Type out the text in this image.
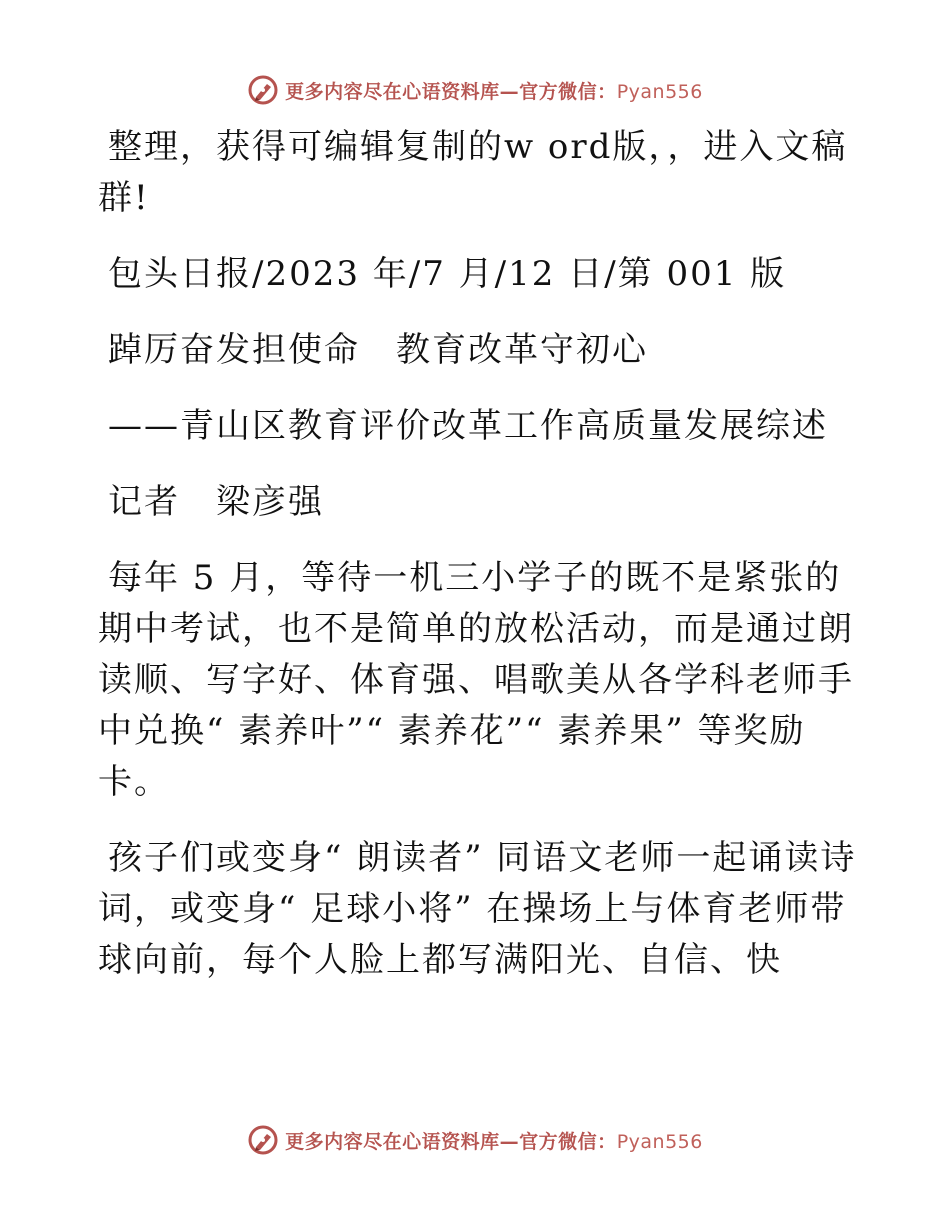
更多内容尽在心语资料库—官方微信：Pyan556

整理，获得可编辑复制的w ord版，，进入文稿群!

包头日报/2023 年/7 月/12 日/第 001 版

踔厉奋发担使命　教育改革守初心

——青山区教育评价改革工作高质量发展综述

记者　梁彦强

每年 5 月，等待一机三小学子的既不是紧张的期中考试，也不是简单的放松活动，而是通过朗读顺、写字好、体育强、唱歌美从各学科老师手中兑换“ 素养叶”“ 素养花”“ 素养果” 等奖励卡。

孩子们或变身“ 朗读者” 同语文老师一起诵读诗词，或变身“ 足球小将” 在操场上与体育老师带球向前，每个人脸上都写满阳光、自信、快

更多内容尽在心语资料库—官方微信：Pyan556
